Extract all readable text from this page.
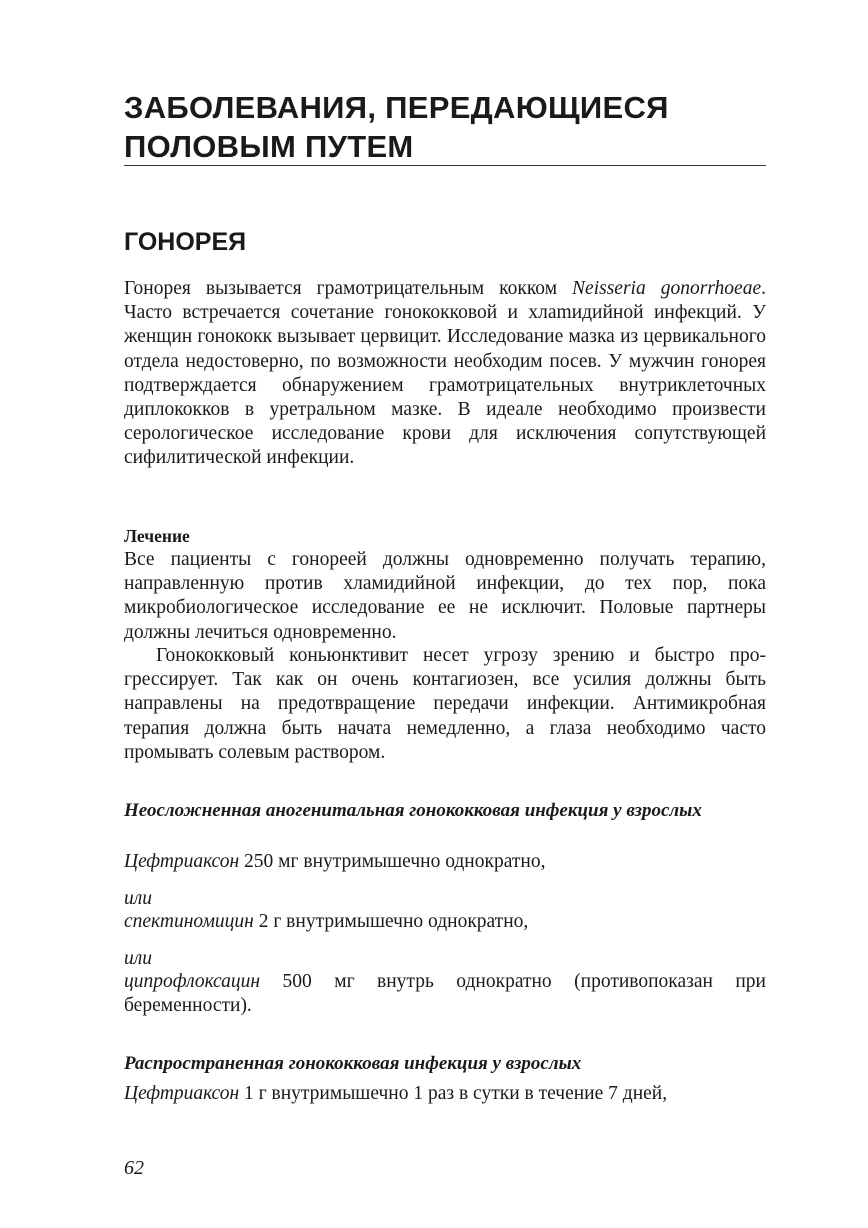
ЗАБОЛЕВАНИЯ, ПЕРЕДАЮЩИЕСЯ
ПОЛОВЫМ ПУТЕМ
ГОНОРЕЯ

Гонорея вызывается грамотрицательным кокком Neisseria gonorrhoeae. Часто встречается сочетание гонококковой и хлаmидийной инфекций. У женщин гонококк вызывает цервицит. Исследование мазка из цервикального отдела недостоверно, по возможности необходим посев. У мужчин гонорея подтверждается обнаружением грамотрицательных внутриклеточных диплококков в уретральном мазке. В идеале необходимо произвести серологическое исследование крови для исключения сопутствующей сифилитической инфекции.

Лечение

Все пациенты с гонореей должны одновременно получать терапию, направленную против хламидийной инфекции, до тех пор, пока микробиологическое исследование ее не исключит. Половые партнеры должны лечиться одновременно.

Гонококковый коньюнктивит несет угрозу зрению и быстро прогрессирует. Так как он очень контагиозен, все усилия должны быть направлены на предотвращение передачи инфекции. Антимикробная терапия должна быть начата немедленно, а глаза необходимо часто промывать солевым раствором.

Неосложненная аногенитальная гонококковая инфекция у взрослых

Цефтриаксон 250 мг внутримышечно однократно,

или

спектиномицин 2 г внутримышечно однократно,

или

ципрофлоксацин 500 мг внутрь однократно (противопоказан при беременности).

Распространенная гонококковая инфекция у взрослых

Цефтриаксон 1 г внутримышечно 1 раз в сутки в течение 7 дней,

62
